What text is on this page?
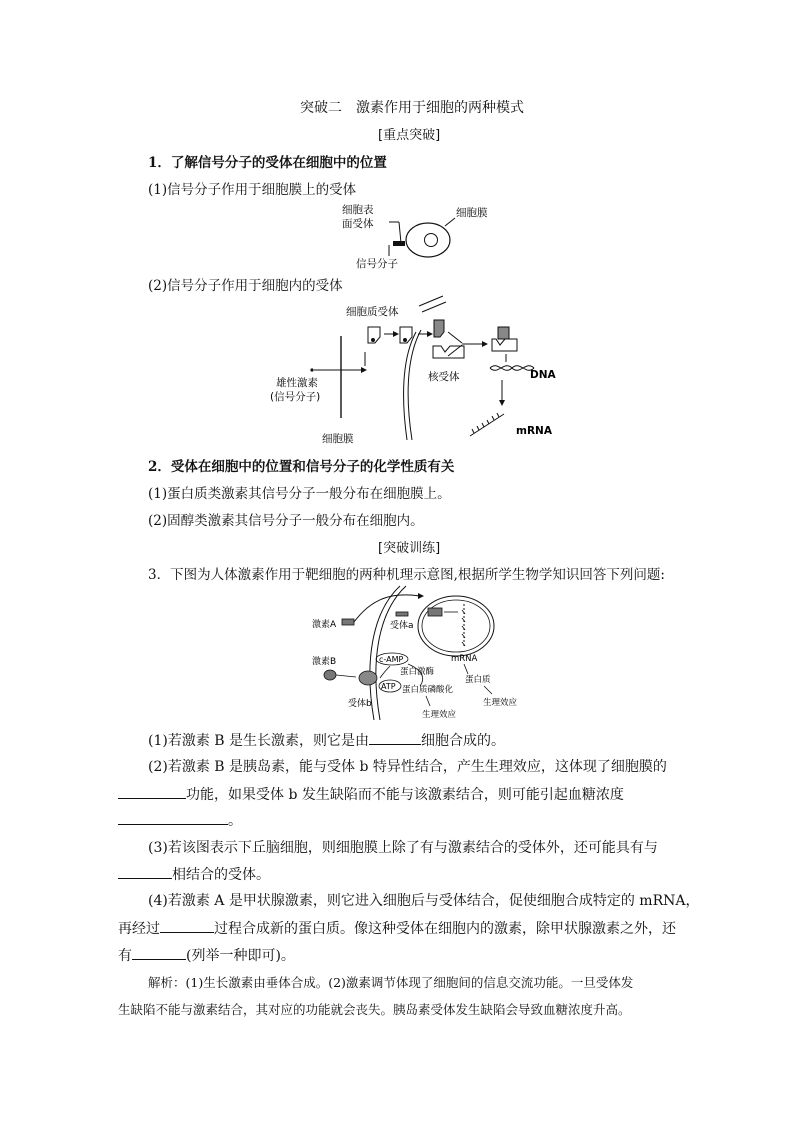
突破二　激素作用于细胞的两种模式
[重点突破]
1．了解信号分子的受体在细胞中的位置
(1)信号分子作用于细胞膜上的受体
细胞表
面受体
细胞膜
信号分子
(2)信号分子作用于细胞内的受体
细胞质受体
雄性激素
(信号分子)
核受体	DNA
mRNA
细胞膜
2．受体在细胞中的位置和信号分子的化学性质有关
(1)蛋白质类激素其信号分子一般分布在细胞膜上。
(2)固醇类激素其信号分子一般分布在细胞内。
[突破训练]
3．下图为人体激素作用于靶细胞的两种机理示意图,根据所学生物学知识回答下列问题:
激素A	受体a
mRNA
蛋白质
生理效应
激素B
受体b
c-AMP
ATP
蛋白激酶
蛋白质磷酸化
生理效应
(1)若激素 B 是生长激素，则它是由	细胞合成的。
(2)若激素 B 是胰岛素，能与受体 b 特异性结合，产生生理效应，这体现了细胞膜的
功能，如果受体 b 发生缺陷而不能与该激素结合，则可能引起血糖浓度
。
(3)若该图表示下丘脑细胞，则细胞膜上除了有与激素结合的受体外，还可能具有与
相结合的受体。
(4)若激素 A 是甲状腺激素，则它进入细胞后与受体结合，促使细胞合成特定的 mRNA，
再经过	过程合成新的蛋白质。像这种受体在细胞内的激素，除甲状腺激素之外，还
有	(列举一种即可)。
解析：(1)生长激素由垂体合成。(2)激素调节体现了细胞间的信息交流功能。一旦受体发
生缺陷不能与激素结合，其对应的功能就会丧失。胰岛素受体发生缺陷会导致血糖浓度升高。
